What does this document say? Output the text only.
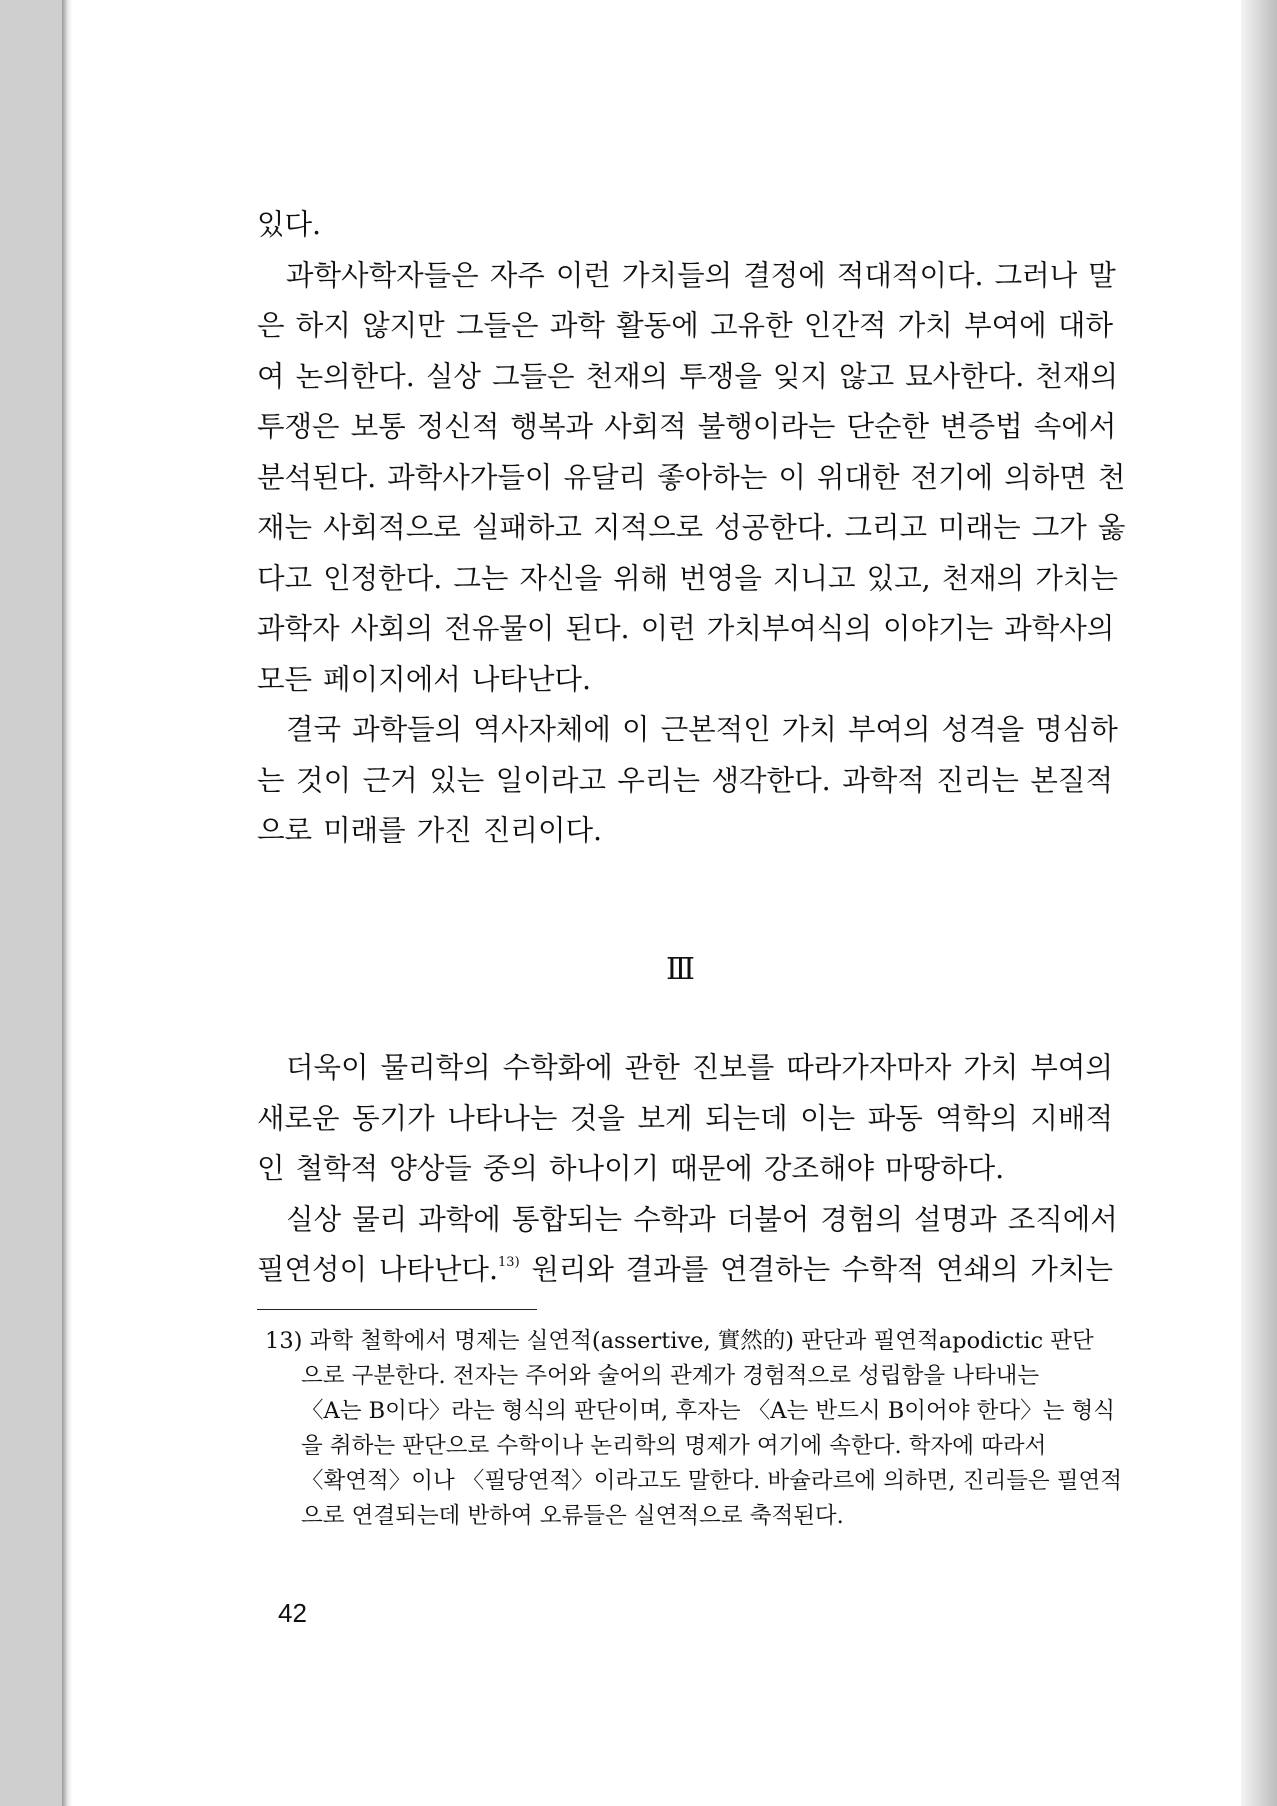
있다.
과학사학자들은 자주 이런 가치들의 결정에 적대적이다. 그러나 말
은 하지 않지만 그들은 과학 활동에 고유한 인간적 가치 부여에 대하
여 논의한다. 실상 그들은 천재의 투쟁을 잊지 않고 묘사한다. 천재의
투쟁은 보통 정신적 행복과 사회적 불행이라는 단순한 변증법 속에서
분석된다. 과학사가들이 유달리 좋아하는 이 위대한 전기에 의하면 천
재는 사회적으로 실패하고 지적으로 성공한다. 그리고 미래는 그가 옳
다고 인정한다. 그는 자신을 위해 번영을 지니고 있고, 천재의 가치는
과학자 사회의 전유물이 된다. 이런 가치부여식의 이야기는 과학사의
모든 페이지에서 나타난다.
결국 과학들의 역사자체에 이 근본적인 가치 부여의 성격을 명심하
는 것이 근거 있는 일이라고 우리는 생각한다. 과학적 진리는 본질적
으로 미래를 가진 진리이다.
Ⅲ
더욱이 물리학의 수학화에 관한 진보를 따라가자마자 가치 부여의
새로운 동기가 나타나는 것을 보게 되는데 이는 파동 역학의 지배적
인 철학적 양상들 중의 하나이기 때문에 강조해야 마땅하다.
실상 물리 과학에 통합되는 수학과 더불어 경험의 설명과 조직에서
필연성이 나타난다.$^{13)}$ 원리와 결과를 연결하는 수학적 연쇄의 가치는
13) 과학 철학에서 명제는 실연적(assertive, 實然的) 판단과 필연적apodictic 판단
으로 구분한다. 전자는 주어와 술어의 관계가 경험적으로 성립함을 나타내는
〈A는 B이다〉라는 형식의 판단이며, 후자는 〈A는 반드시 B이어야 한다〉는 형식
을 취하는 판단으로 수학이나 논리학의 명제가 여기에 속한다. 학자에 따라서
〈확연적〉이나 〈필당연적〉이라고도 말한다. 바슐라르에 의하면, 진리들은 필연적
으로 연결되는데 반하여 오류들은 실연적으로 축적된다.
42
